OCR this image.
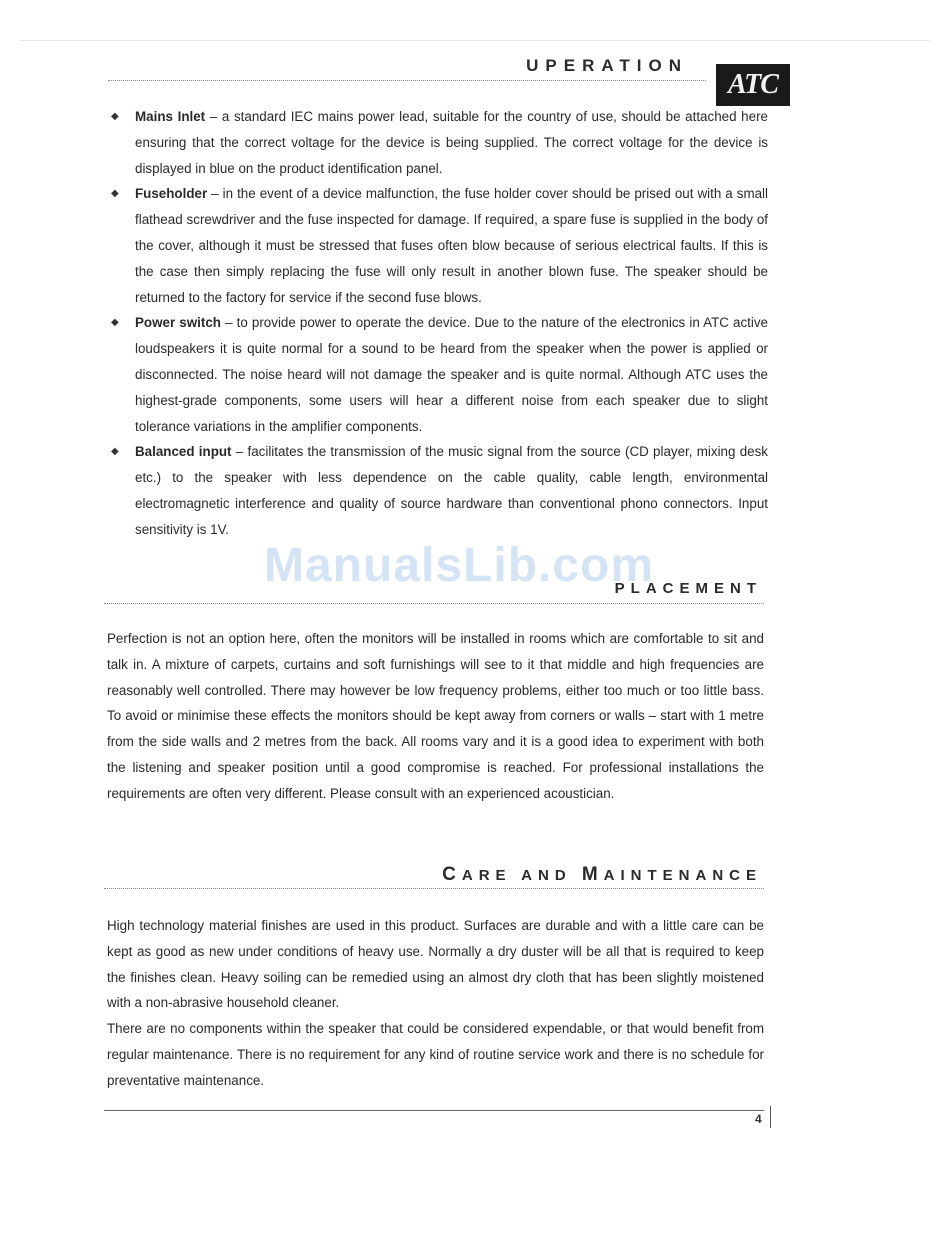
UPERATION
ATC
◆ Mains Inlet – a standard IEC mains power lead, suitable for the country of use, should be attached here ensuring that the correct voltage for the device is being supplied. The correct voltage for the device is displayed in blue on the product identification panel.
◆ Fuseholder – in the event of a device malfunction, the fuse holder cover should be prised out with a small flathead screwdriver and the fuse inspected for damage. If required, a spare fuse is supplied in the body of the cover, although it must be stressed that fuses often blow because of serious electrical faults. If this is the case then simply replacing the fuse will only result in another blown fuse. The speaker should be returned to the factory for service if the second fuse blows.
◆ Power switch – to provide power to operate the device. Due to the nature of the electronics in ATC active loudspeakers it is quite normal for a sound to be heard from the speaker when the power is applied or disconnected. The noise heard will not damage the speaker and is quite normal. Although ATC uses the highest-grade components, some users will hear a different noise from each speaker due to slight tolerance variations in the amplifier components.
◆ Balanced input – facilitates the transmission of the music signal from the source (CD player, mixing desk etc.) to the speaker with less dependence on the cable quality, cable length, environmental electromagnetic interference and quality of source hardware than conventional phono connectors. Input sensitivity is 1V.
PLACEMENT

Perfection is not an option here, often the monitors will be installed in rooms which are comfortable to sit and talk in. A mixture of carpets, curtains and soft furnishings will see to it that middle and high frequencies are reasonably well controlled. There may however be low frequency problems, either too much or too little bass. To avoid or minimise these effects the monitors should be kept away from corners or walls – start with 1 metre from the side walls and 2 metres from the back. All rooms vary and it is a good idea to experiment with both the listening and speaker position until a good compromise is reached. For professional installations the requirements are often very different. Please consult with an experienced acoustician.

CARE AND MAINTENANCE

High technology material finishes are used in this product. Surfaces are durable and with a little care can be kept as good as new under conditions of heavy use. Normally a dry duster will be all that is required to keep the finishes clean. Heavy soiling can be remedied using an almost dry cloth that has been slightly moistened with a non-abrasive household cleaner.

There are no components within the speaker that could be considered expendable, or that would benefit from regular maintenance. There is no requirement for any kind of routine service work and there is no schedule for preventative maintenance.

ManualsLib.com
4
